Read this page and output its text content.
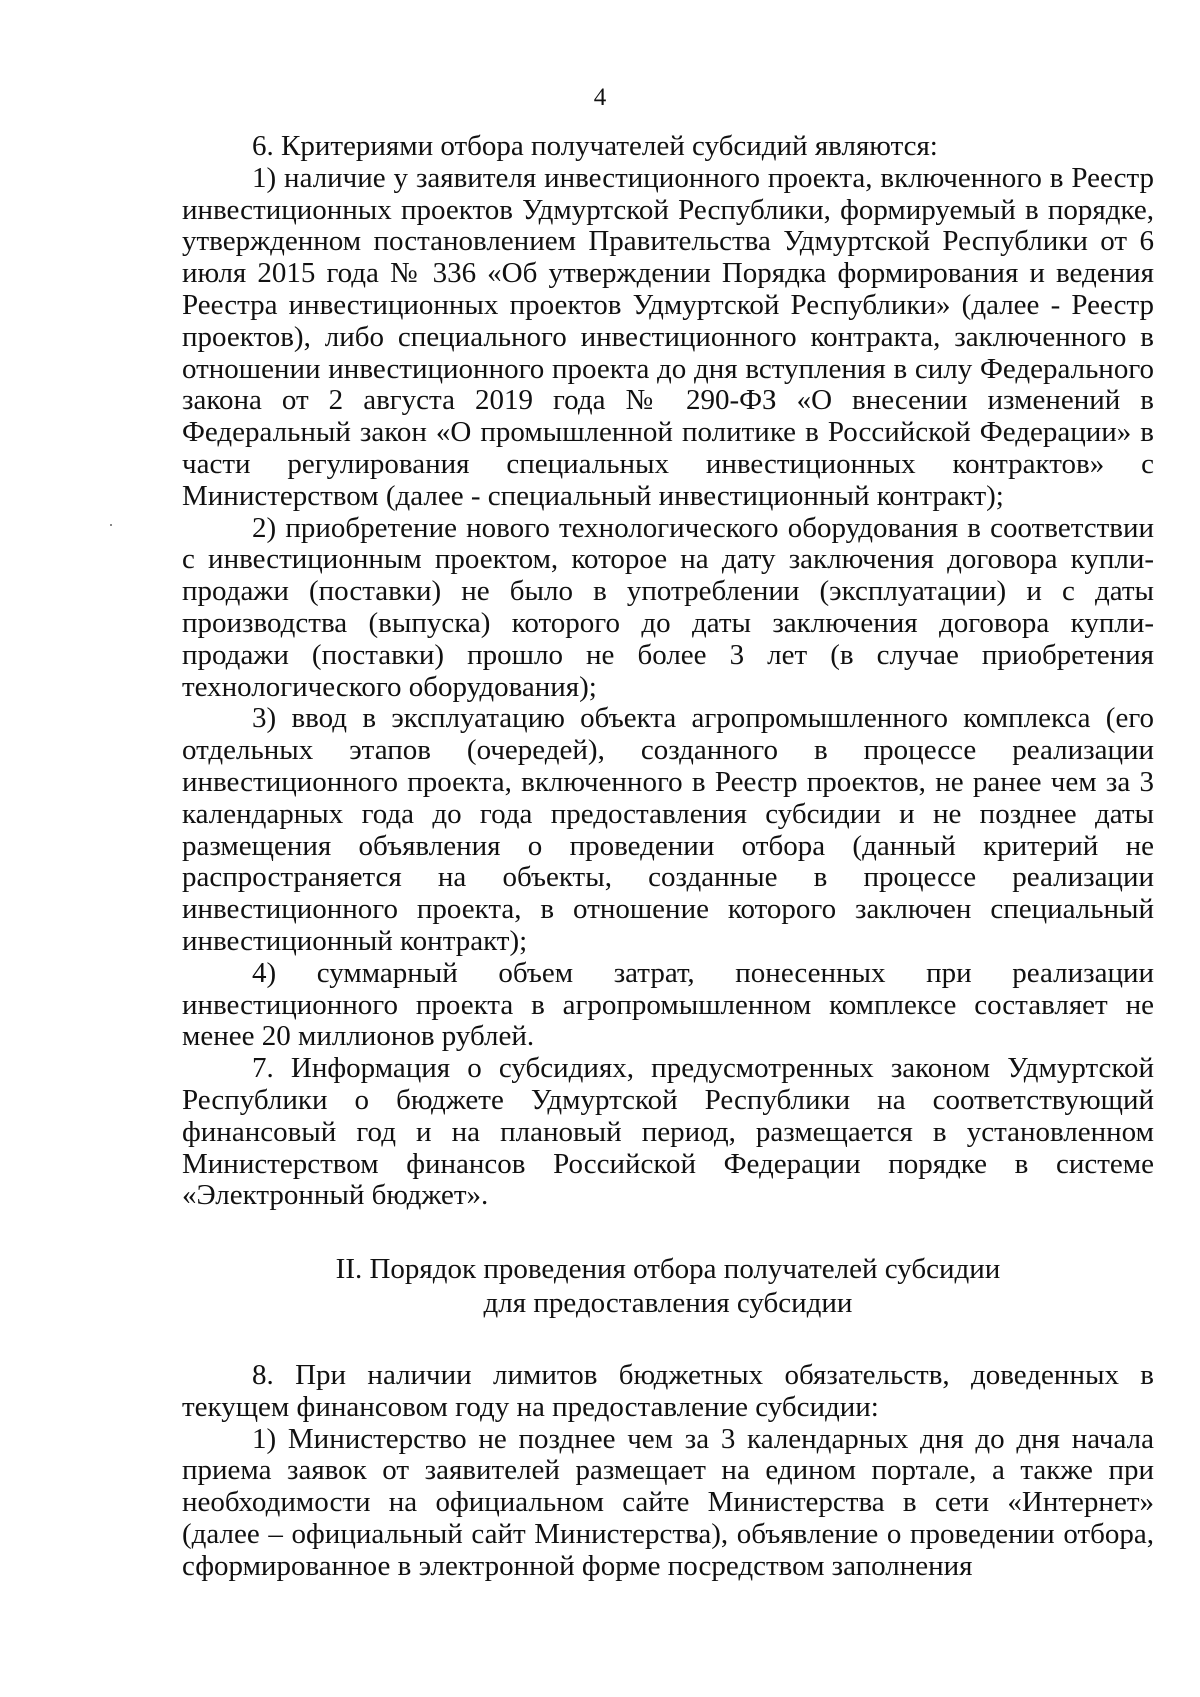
4

6. Критериями отбора получателей субсидий являются:

1) наличие у заявителя инвестиционного проекта, включенного в Реестр инвестиционных проектов Удмуртской Республики, формируемый в порядке, утвержденном постановлением Правительства Удмуртской Республики от 6 июля 2015 года № 336 «Об утверждении Порядка формирования и ведения Реестра инвестиционных проектов Удмуртской Республики» (далее - Реестр проектов), либо специального инвестиционного контракта, заключенного в отношении инвестиционного проекта до дня вступления в силу Федерального закона от 2 августа 2019 года № 290-ФЗ «О внесении изменений в Федеральный закон «О промышленной политике в Российской Федерации» в части регулирования специальных инвестиционных контрактов» с Министерством (далее - специальный инвестиционный контракт);

2) приобретение нового технологического оборудования в соответствии с инвестиционным проектом, которое на дату заключения договора купли-продажи (поставки) не было в употреблении (эксплуатации) и с даты производства (выпуска) которого до даты заключения договора купли-продажи (поставки) прошло не более 3 лет (в случае приобретения технологического оборудования);

3) ввод в эксплуатацию объекта агропромышленного комплекса (его отдельных этапов (очередей), созданного в процессе реализации инвестиционного проекта, включенного в Реестр проектов, не ранее чем за 3 календарных года до года предоставления субсидии и не позднее даты размещения объявления о проведении отбора (данный критерий не распространяется на объекты, созданные в процессе реализации инвестиционного проекта, в отношение которого заключен специальный инвестиционный контракт);

4) суммарный объем затрат, понесенных при реализации инвестиционного проекта в агропромышленном комплексе составляет не менее 20 миллионов рублей.

7. Информация о субсидиях, предусмотренных законом Удмуртской Республики о бюджете Удмуртской Республики на соответствующий финансовый год и на плановый период, размещается в установленном Министерством финансов Российской Федерации порядке в системе «Электронный бюджет».

II. Порядок проведения отбора получателей субсидии
для предоставления субсидии

8. При наличии лимитов бюджетных обязательств, доведенных в текущем финансовом году на предоставление субсидии:

1) Министерство не позднее чем за 3 календарных дня до дня начала приема заявок от заявителей размещает на едином портале, а также при необходимости на официальном сайте Министерства в сети «Интернет» (далее – официальный сайт Министерства), объявление о проведении отбора, сформированное в электронной форме посредством заполнения
